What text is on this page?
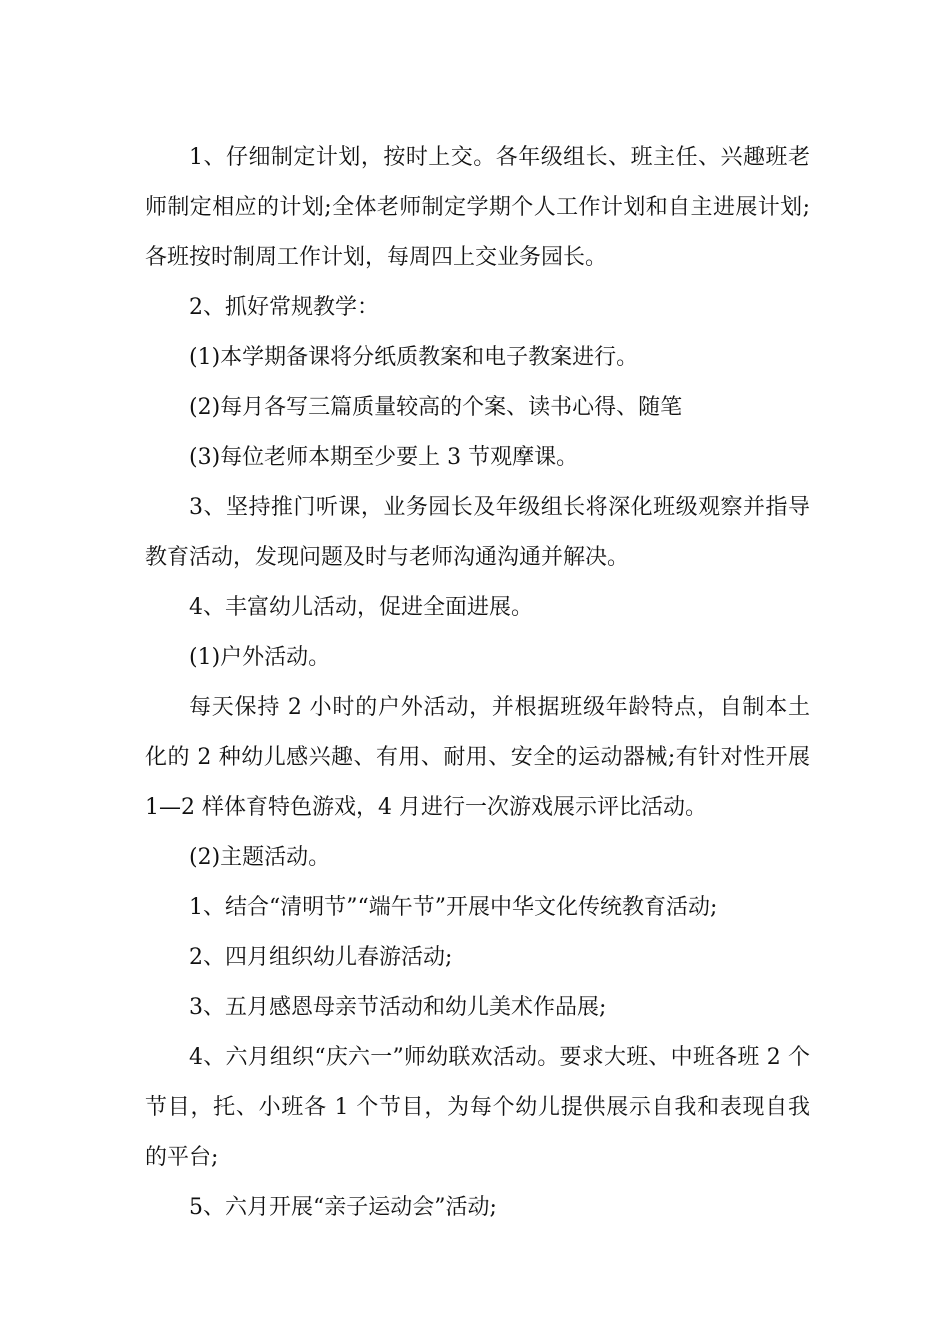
1、仔细制定计划，按时上交。各年级组长、班主任、兴趣班老师制定相应的计划;全体老师制定学期个人工作计划和自主进展计划;各班按时制周工作计划，每周四上交业务园长。

2、抓好常规教学：

(1)本学期备课将分纸质教案和电子教案进行。

(2)每月各写三篇质量较高的个案、读书心得、随笔

(3)每位老师本期至少要上 3 节观摩课。

3、坚持推门听课，业务园长及年级组长将深化班级观察并指导教育活动，发现问题及时与老师沟通沟通并解决。

4、丰富幼儿活动，促进全面进展。

(1)户外活动。

每天保持 2 小时的户外活动，并根据班级年龄特点，自制本土化的 2 种幼儿感兴趣、有用、耐用、安全的运动器械;有针对性开展 1—2 样体育特色游戏，4 月进行一次游戏展示评比活动。

(2)主题活动。

1、结合“清明节”“端午节”开展中华文化传统教育活动;

2、四月组织幼儿春游活动;

3、五月感恩母亲节活动和幼儿美术作品展;

4、六月组织“庆六一”师幼联欢活动。要求大班、中班各班 2 个节目，托、小班各 1 个节目，为每个幼儿提供展示自我和表现自我的平台;

5、六月开展“亲子运动会”活动;
